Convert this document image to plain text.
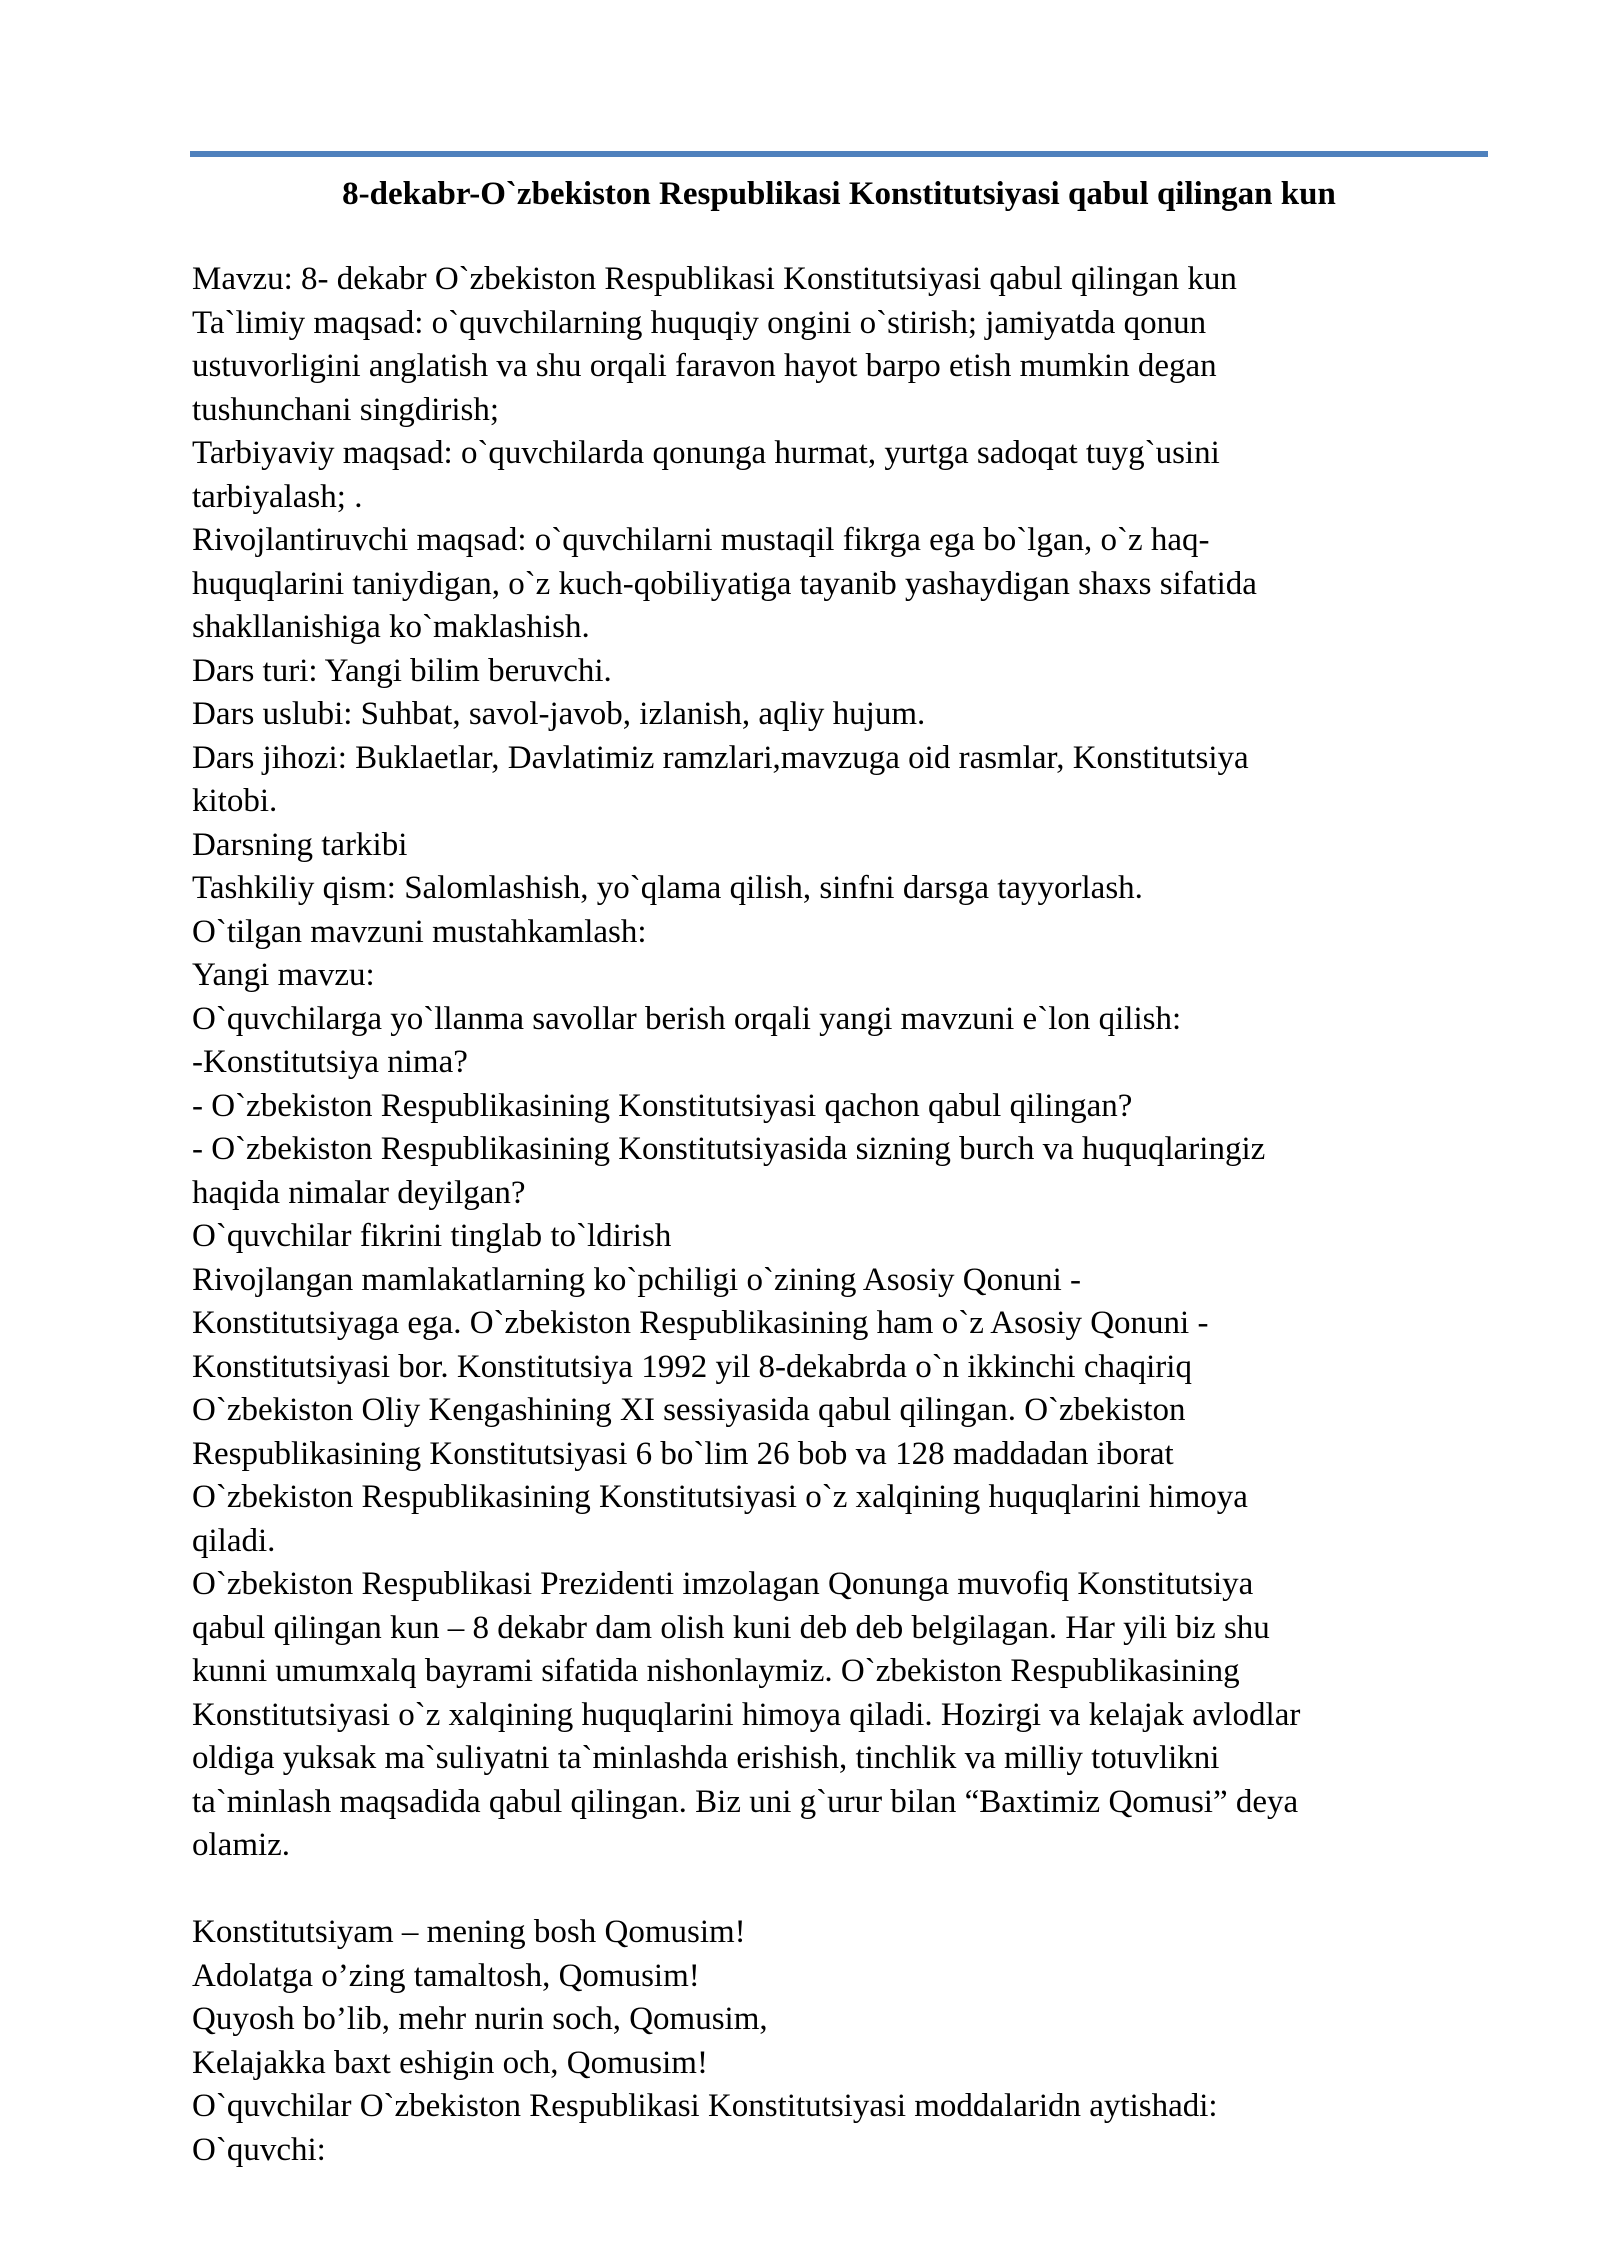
8-dekabr-O`zbekiston Respublikasi Konstitutsiyasi qabul qilingan kun
Mavzu: 8- dekabr O`zbekiston Respublikasi Konstitutsiyasi qabul qilingan kun
Ta`limiy maqsad: o`quvchilarning huquqiy ongini o`stirish; jamiyatda qonun
ustuvorligini anglatish va shu orqali faravon hayot barpo etish mumkin degan
tushunchani singdirish;
Tarbiyaviy maqsad: o`quvchilarda qonunga hurmat, yurtga sadoqat tuyg`usini
tarbiyalash; .
Rivojlantiruvchi maqsad: o`quvchilarni mustaqil fikrga ega bo`lgan, o`z haq-
huquqlarini taniydigan, o`z kuch-qobiliyatiga tayanib yashaydigan shaxs sifatida
shakllanishiga ko`maklashish.
Dars turi: Yangi bilim beruvchi.
Dars uslubi: Suhbat, savol-javob, izlanish, aqliy hujum.
Dars jihozi: Buklaetlar, Davlatimiz ramzlari,mavzuga oid rasmlar, Konstitutsiya
kitobi.
Darsning tarkibi
Tashkiliy qism: Salomlashish, yo`qlama qilish, sinfni darsga tayyorlash.
O`tilgan mavzuni mustahkamlash:
Yangi mavzu:
O`quvchilarga yo`llanma savollar berish orqali yangi mavzuni e`lon qilish:
-Konstitutsiya nima?
- O`zbekiston Respublikasining Konstitutsiyasi qachon qabul qilingan?
- O`zbekiston Respublikasining Konstitutsiyasida sizning burch va huquqlaringiz
haqida nimalar deyilgan?
O`quvchilar fikrini tinglab to`ldirish
Rivojlangan mamlakatlarning ko`pchiligi o`zining Asosiy Qonuni -
Konstitutsiyaga ega. O`zbekiston Respublikasining ham o`z Asosiy Qonuni -
Konstitutsiyasi bor. Konstitutsiya 1992 yil 8-dekabrda o`n ikkinchi chaqiriq
O`zbekiston Oliy Kengashining XI sessiyasida qabul qilingan. O`zbekiston
Respublikasining Konstitutsiyasi 6 bo`lim 26 bob va 128 maddadan iborat
O`zbekiston Respublikasining Konstitutsiyasi o`z xalqining huquqlarini himoya
qiladi.
O`zbekiston Respublikasi Prezidenti imzolagan Qonunga muvofiq Konstitutsiya
qabul qilingan kun – 8 dekabr dam olish kuni deb deb belgilagan. Har yili biz shu
kunni umumxalq bayrami sifatida nishonlaymiz. O`zbekiston Respublikasining
Konstitutsiyasi o`z xalqining huquqlarini himoya qiladi. Hozirgi va kelajak avlodlar
oldiga yuksak ma`suliyatni ta`minlashda erishish, tinchlik va milliy totuvlikni
ta`minlash maqsadida qabul qilingan. Biz uni g`urur bilan “Baxtimiz Qomusi” deya
olamiz.
Konstitutsiyam – mening bosh Qomusim!
Adolatga o’zing tamaltosh, Qomusim!
Quyosh bo’lib, mehr nurin soch, Qomusim,
Kelajakka baxt eshigin och, Qomusim!
O`quvchilar O`zbekiston Respublikasi Konstitutsiyasi moddalaridn aytishadi:
O`quvchi:
